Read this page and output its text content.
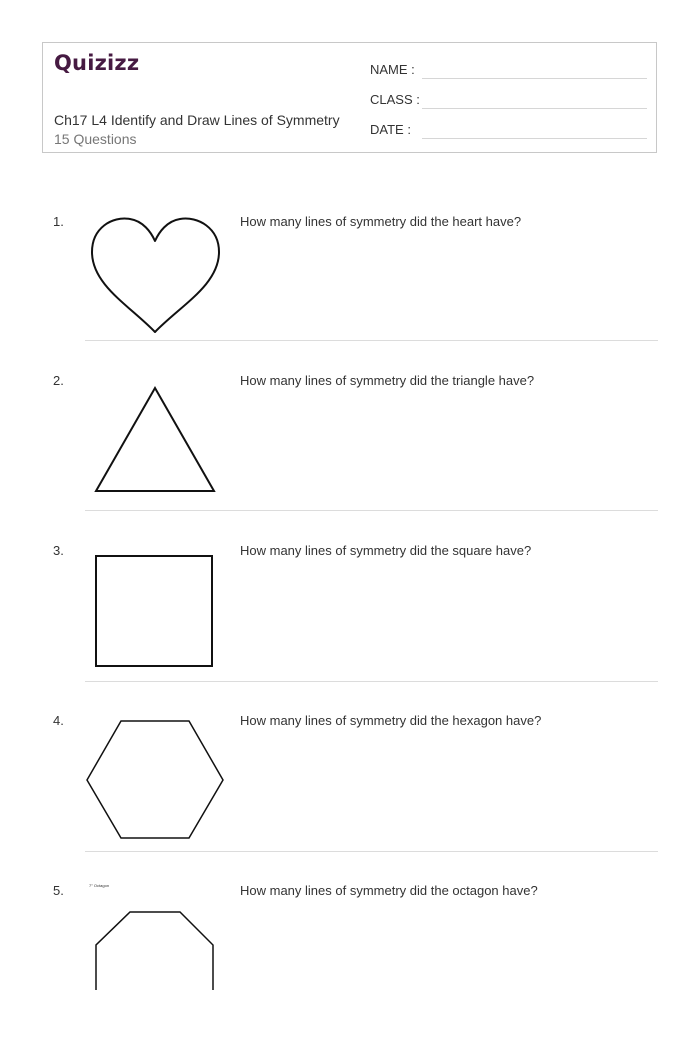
Quizizz
Ch17 L4 Identify and Draw Lines of Symmetry
15 Questions
NAME :
CLASS :
DATE :
1.	How many lines of symmetry did the heart have?
2.	How many lines of symmetry did the triangle have?
3.	How many lines of symmetry did the square have?
4.	How many lines of symmetry did the hexagon have?
5.	How many lines of symmetry did the octagon have?
7° Octagon
